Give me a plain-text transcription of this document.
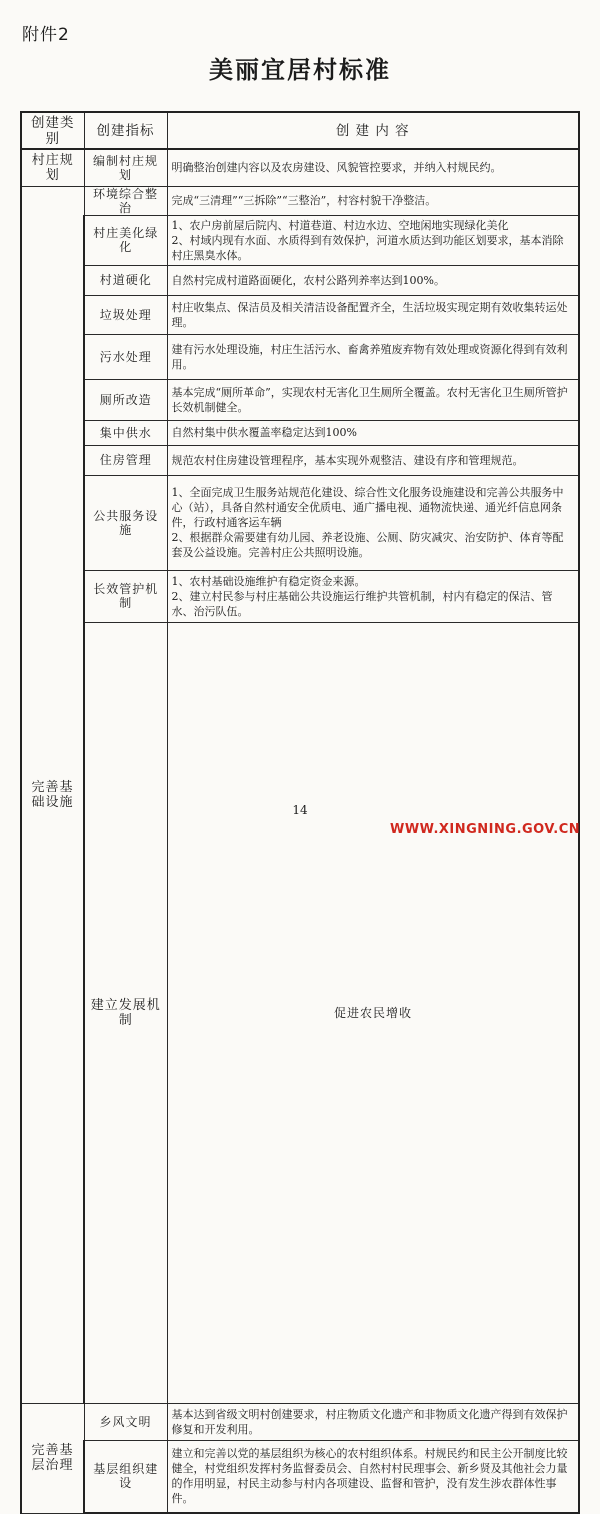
附件2
美丽宜居村标准
创建类别	创建指标	创 建 内 容	
村庄规划	编制村庄规划	明确整治创建内容以及农房建设、风貌管控要求，并纳入村规民约。	
完善基础设施	环境综合整治	完成“三清理”“三拆除”“三整治”，村容村貌干净整洁。	
	村庄美化绿化	1、农户房前屋后院内、村道巷道、村边水边、空地闲地实现绿化美化
2、村域内现有水面、水质得到有效保护，河道水质达到功能区划要求，基本消除村庄黑臭水体。	
	村道硬化	自然村完成村道路面硬化，农村公路列养率达到100%。	
	垃圾处理	村庄收集点、保洁员及相关清洁设备配置齐全，生活垃圾实现定期有效收集转运处理。	
	污水处理	建有污水处理设施，村庄生活污水、畜禽养殖废弃物有效处理或资源化得到有效利用。	
	厕所改造	基本完成“厕所革命”，实现农村无害化卫生厕所全覆盖。农村无害化卫生厕所管护长效机制健全。	
	集中供水	自然村集中供水覆盖率稳定达到100%	
	住房管理	规范农村住房建设管理程序，基本实现外观整洁、建设有序和管理规范。	
	公共服务设施	1、全面完成卫生服务站规范化建设、综合性文化服务设施建设和完善公共服务中心（站），具备自然村通安全优质电、通广播电视、通物流快递、通光纤信息网条件，行政村通客运车辆
2、根据群众需要建有幼儿园、养老设施、公厕、防灾减灾、治安防护、体育等配套及公益设施。完善村庄公共照明设施。	
	长效管护机制	1、农村基础设施维护有稳定资金来源。
2、建立村民参与村庄基础公共设施运行维护共管机制，村内有稳定的保洁、管水、治污队伍。	
	建立发展机制	促进农民增收	
完善基层治理	乡风文明	基本达到省级文明村创建要求，村庄物质文化遗产和非物质文化遗产得到有效保护修复和开发利用。	
	基层组织建设	建立和完善以党的基层组织为核心的农村组织体系。村规民约和民主公开制度比较健全，村党组织发挥村务监督委员会、自然村村民理事会、新乡贤及其他社会力量的作用明显，村民主动参与村内各项建设、监督和管护，没有发生涉农群体性事件。	
14
WWW.XINGNING.GOV.CN
